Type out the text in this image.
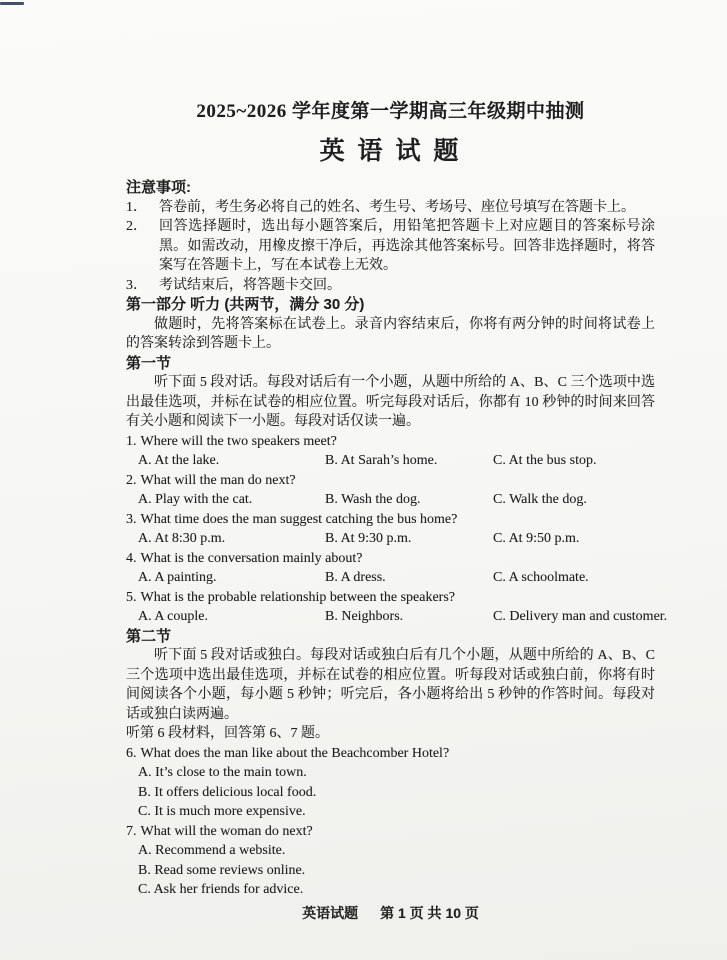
2025~2026 学年度第一学期高三年级期中抽测
英 语 试 题
注意事项:
1． 答卷前，考生务必将自己的姓名、考生号、考场号、座位号填写在答题卡上。
2． 回答选择题时，选出每小题答案后，用铅笔把答题卡上对应题目的答案标号涂黑。如需改动，用橡皮擦干净后，再选涂其他答案标号。回答非选择题时，将答案写在答题卡上，写在本试卷上无效。
3． 考试结束后，将答题卡交回。
第一部分 听力 (共两节，满分 30 分)

做题时，先将答案标在试卷上。录音内容结束后，你将有两分钟的时间将试卷上的答案转涂到答题卡上。

第一节

听下面 5 段对话。每段对话后有一个小题，从题中所给的 A、B、C 三个选项中选出最佳选项，并标在试卷的相应位置。听完每段对话后，你都有 10 秒钟的时间来回答有关小题和阅读下一小题。每段对话仅读一遍。

1. Where will the two speakers meet?
A. At the lake.	B. At Sarah’s home.	C. At the bus stop.
2. What will the man do next?
A. Play with the cat.	B. Wash the dog.	C. Walk the dog.
3. What time does the man suggest catching the bus home?
A. At 8:30 p.m.	B. At 9:30 p.m.	C. At 9:50 p.m.
4. What is the conversation mainly about?
A. A painting.	B. A dress.	C. A schoolmate.
5. What is the probable relationship between the speakers?
A. A couple.	B. Neighbors.	C. Delivery man and customer.
第二节

听下面 5 段对话或独白。每段对话或独白后有几个小题，从题中所给的 A、B、C 三个选项中选出最佳选项，并标在试卷的相应位置。听每段对话或独白前，你将有时间阅读各个小题，每小题 5 秒钟；听完后，各小题将给出 5 秒钟的作答时间。每段对话或独白读两遍。

听第 6 段材料，回答第 6、7 题。
6. What does the man like about the Beachcomber Hotel?
A. It’s close to the main town.
B. It offers delicious local food.
C. It is much more expensive.
7. What will the woman do next?
A. Recommend a website.
B. Read some reviews online.
C. Ask her friends for advice.
英语试题 第 1 页 共 10 页
